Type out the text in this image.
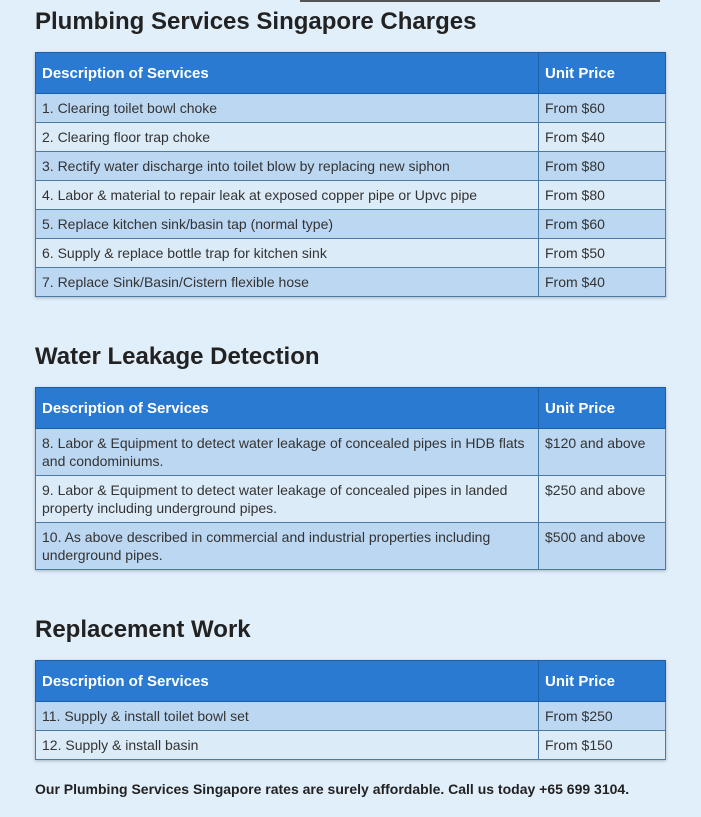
Plumbing Services Singapore Charges
Description of Services	Unit Price
1. Clearing toilet bowl choke	From $60
2. Clearing floor trap choke	From $40
3. Rectify water discharge into toilet blow by replacing new siphon	From $80
4. Labor & material to repair leak at exposed copper pipe or Upvc pipe	From $80
5. Replace kitchen sink/basin tap (normal type)	From $60
6. Supply & replace bottle trap for kitchen sink	From $50
7. Replace Sink/Basin/Cistern flexible hose	From $40
Water Leakage Detection
Description of Services	Unit Price
8. Labor & Equipment to detect water leakage of concealed pipes in HDB flats and condominiums.	$120 and above
9. Labor & Equipment to detect water leakage of concealed pipes in landed property including underground pipes.	$250 and above
10. As above described in commercial and industrial properties including underground pipes.	$500 and above
Replacement Work
Description of Services	Unit Price
11. Supply & install toilet bowl set	From $250
12. Supply & install basin	From $150
Our Plumbing Services Singapore rates are surely affordable. Call us today +65 699 3104.
